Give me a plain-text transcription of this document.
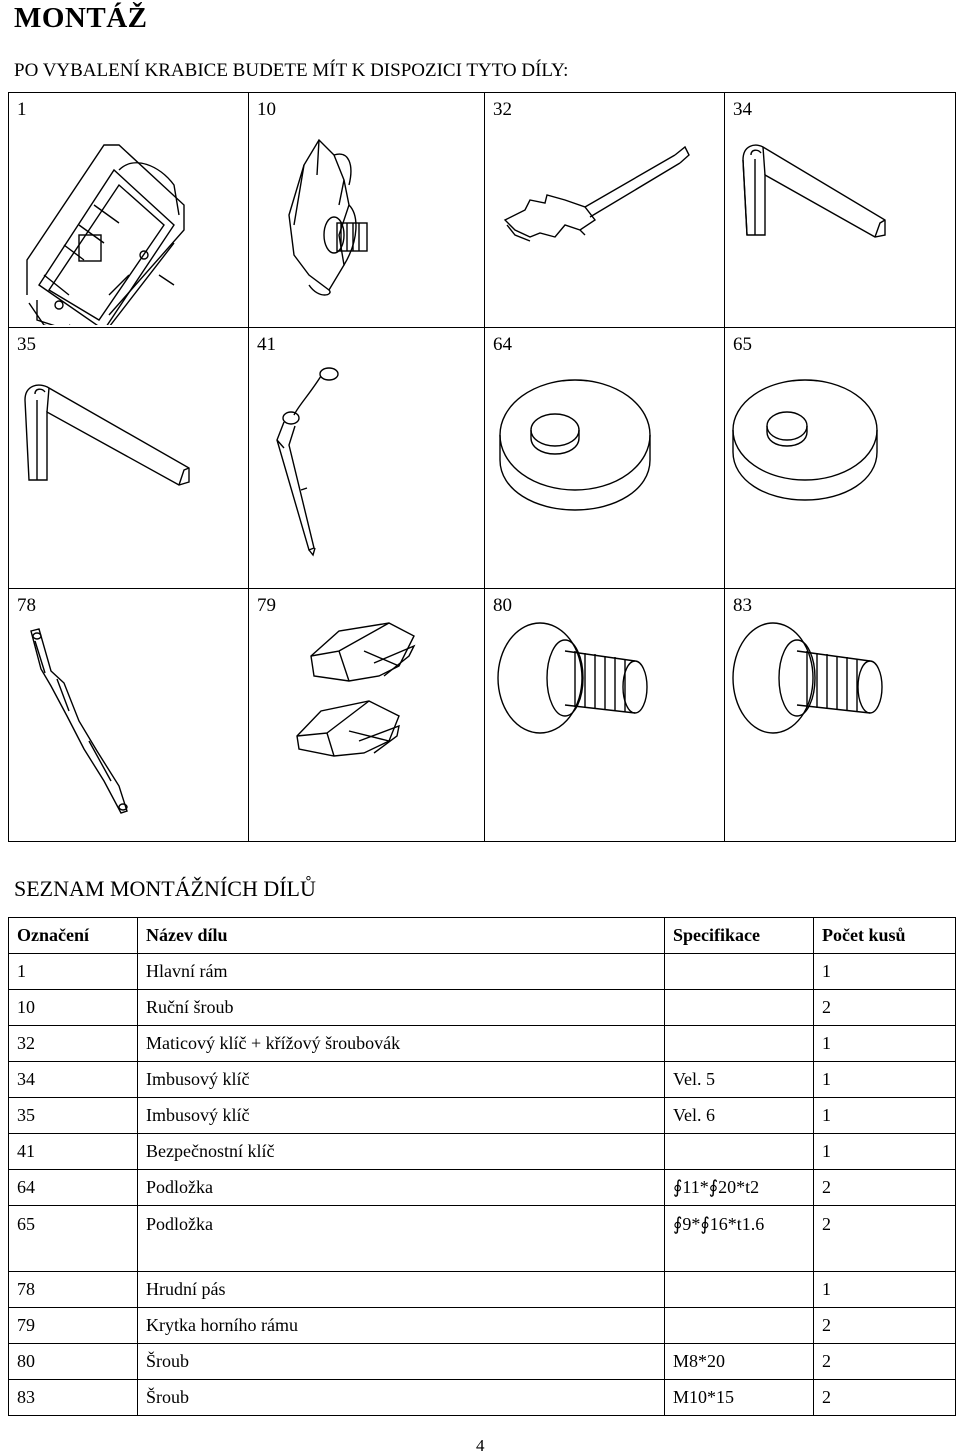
MONTÁŽ
PO VYBALENÍ KRABICE BUDETE MÍT K DISPOZICI TYTO DÍLY:
1	10	32	34
35	41	64	65
78	79	80	83
SEZNAM MONTÁŽNÍCH DÍLŮ
Označení	Název dílu	Specifikace	Počet kusů
1	Hlavní rám		1
10	Ruční šroub		2
32	Maticový klíč + křížový šroubovák		1
34	Imbusový klíč	Vel. 5	1
35	Imbusový klíč	Vel. 6	1
41	Bezpečnostní klíč		1
64	Podložka	∮11*∮20*t2	2
65	Podložka	∮9*∮16*t1.6	2
78	Hrudní pás		1
79	Krytka horního rámu		2
80	Šroub	M8*20	2
83	Šroub	M10*15	2
4
